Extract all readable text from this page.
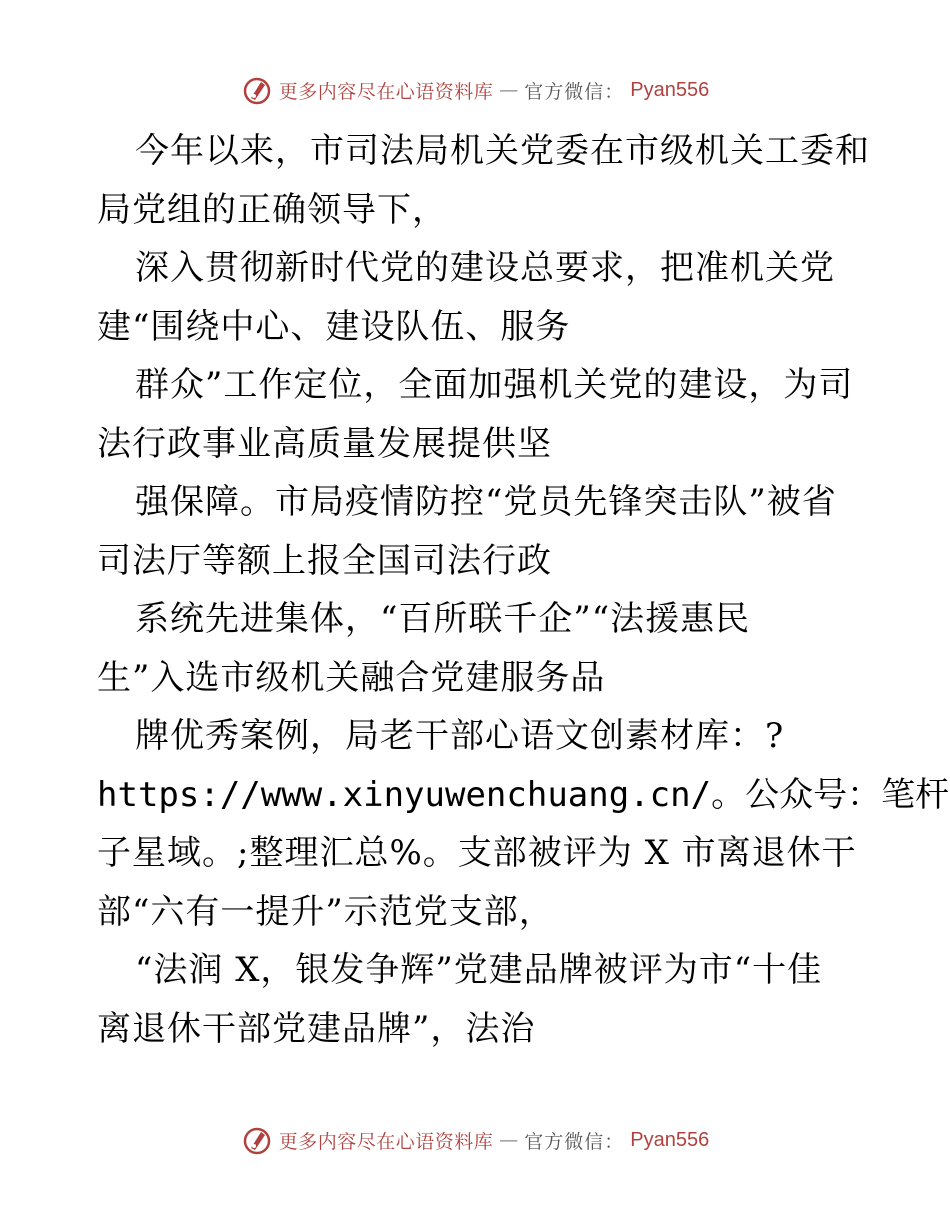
更多内容尽在心语资料库 — 官方微信： Pyan556
今年以来，市司法局机关党委在市级机关工委和
局党组的正确领导下，
深入贯彻新时代党的建设总要求，把准机关党
建“围绕中心、建设队伍、服务
群众”工作定位，全面加强机关党的建设，为司
法行政事业高质量发展提供坚
强保障。市局疫情防控“党员先锋突击队”被省
司法厅等额上报全国司法行政
系统先进集体，“百所联千企”“法援惠民
生”入选市级机关融合党建服务品
牌优秀案例，局老干部心语文创素材库：?
https://www.xinyuwenchuang.cn/。公众号：笔杆
子星域。;整理汇总%。支部被评为 X 市离退休干
部“六有一提升”示范党支部，
“法润 X，银发争辉”党建品牌被评为市“十佳
离退休干部党建品牌”，法治
更多内容尽在心语资料库 — 官方微信： Pyan556
